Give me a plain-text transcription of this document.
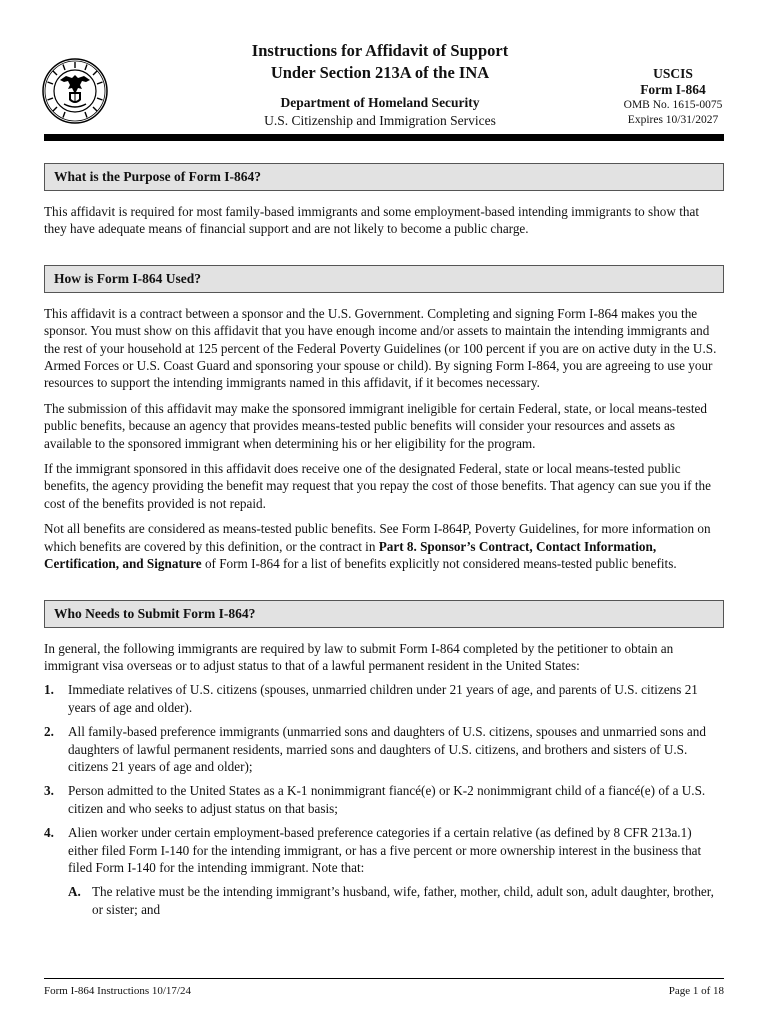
Instructions for Affidavit of Support
Under Section 213A of the INA
Department of Homeland Security
U.S. Citizenship and Immigration Services
USCIS
Form I-864
OMB No. 1615-0075
Expires 10/31/2027
What is the Purpose of Form I-864?

This affidavit is required for most family-based immigrants and some employment-based intending immigrants to show that they have adequate means of financial support and are not likely to become a public charge.

How is Form I-864 Used?

This affidavit is a contract between a sponsor and the U.S. Government. Completing and signing Form I-864 makes you the sponsor. You must show on this affidavit that you have enough income and/or assets to maintain the intending immigrants and the rest of your household at 125 percent of the Federal Poverty Guidelines (or 100 percent if you are on active duty in the U.S. Armed Forces or U.S. Coast Guard and sponsoring your spouse or child). By signing Form I-864, you are agreeing to use your resources to support the intending immigrants named in this affidavit, if it becomes necessary.

The submission of this affidavit may make the sponsored immigrant ineligible for certain Federal, state, or local means-tested public benefits, because an agency that provides means-tested public benefits will consider your resources and assets as available to the sponsored immigrant when determining his or her eligibility for the program.

If the immigrant sponsored in this affidavit does receive one of the designated Federal, state or local means-tested public benefits, the agency providing the benefit may request that you repay the cost of those benefits. That agency can sue you if the cost of the benefits provided is not repaid.

Not all benefits are considered as means-tested public benefits. See Form I-864P, Poverty Guidelines, for more information on which benefits are covered by this definition, or the contract in Part 8. Sponsor’s Contract, Contact Information, Certification, and Signature of Form I-864 for a list of benefits explicitly not considered means-tested public benefits.

Who Needs to Submit Form I-864?

In general, the following immigrants are required by law to submit Form I-864 completed by the petitioner to obtain an immigrant visa overseas or to adjust status to that of a lawful permanent resident in the United States:

1.	Immediate relatives of U.S. citizens (spouses, unmarried children under 21 years of age, and parents of U.S. citizens 21 years of age and older).
2.	All family-based preference immigrants (unmarried sons and daughters of U.S. citizens, spouses and unmarried sons and daughters of lawful permanent residents, married sons and daughters of U.S. citizens, and brothers and sisters of U.S. citizens 21 years of age and older);
3.	Person admitted to the United States as a K-1 nonimmigrant fiancé(e) or K-2 nonimmigrant child of a fiancé(e) of a U.S. citizen and who seeks to adjust status on that basis;
4.	Alien worker under certain employment-based preference categories if a certain relative (as defined by 8 CFR 213a.1) either filed Form I-140 for the intending immigrant, or has a five percent or more ownership interest in the business that filed Form I-140 for the intending immigrant. Note that:
A. The relative must be the intending immigrant’s husband, wife, father, mother, child, adult son, adult daughter, brother, or sister; and
Form I-864 Instructions 10/17/24	Page 1 of 18
